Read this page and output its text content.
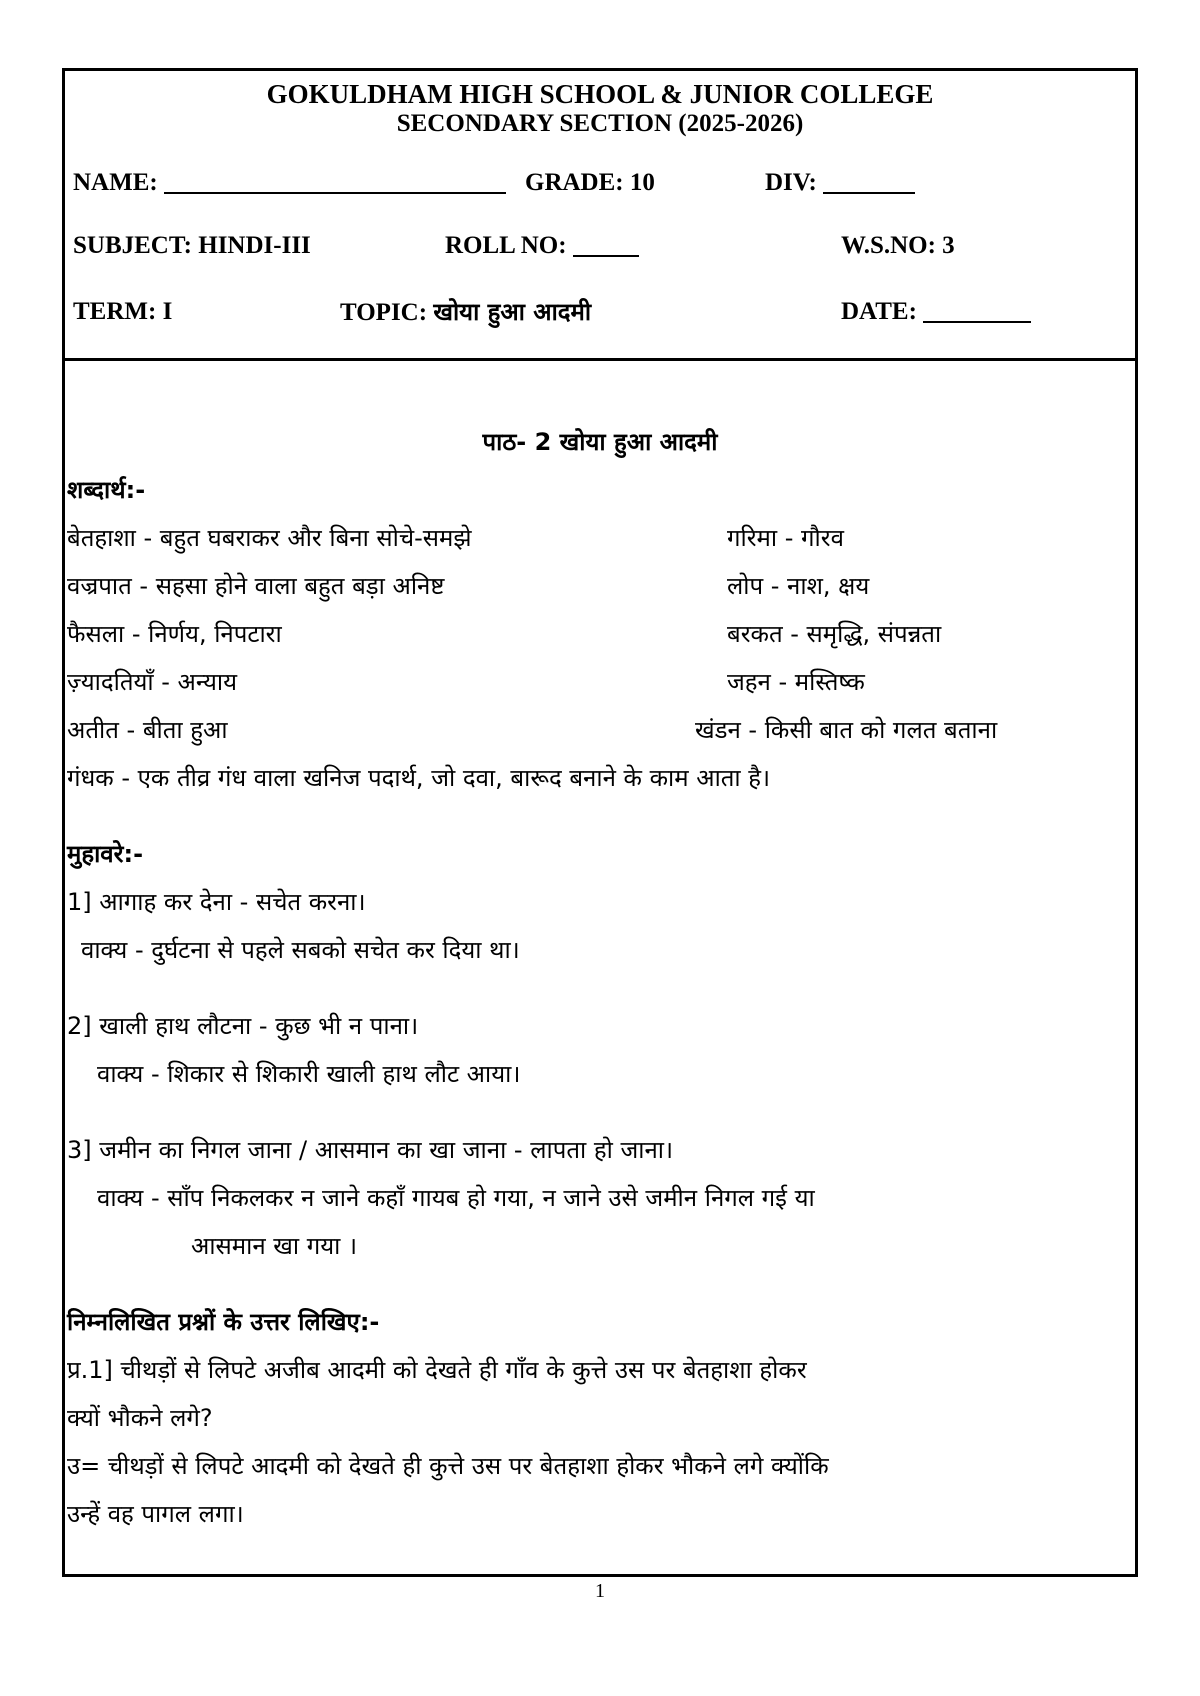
GOKULDHAM HIGH SCHOOL & JUNIOR COLLEGE
SECONDARY SECTION (2025-2026)
NAME:	GRADE: 10	DIV:
SUBJECT: HINDI-III	ROLL NO:	W.S.NO: 3
TERM: I	TOPIC: खोया हुआ आदमी	DATE:
पाठ- 2 खोया हुआ आदमी
शब्दार्थ:-
बेतहाशा - बहुत घबराकर और बिना सोचे-समझे	गरिमा - गौरव
वज्रपात - सहसा होने वाला बहुत बड़ा अनिष्ट	लोप - नाश, क्षय
फैसला - निर्णय, निपटारा	बरकत - समृद्धि, संपन्नता
ज़्यादतियाँ - अन्याय	जहन - मस्तिष्क
अतीत - बीता हुआ	खंडन - किसी बात को गलत बताना
गंधक - एक तीव्र गंध वाला खनिज पदार्थ, जो दवा, बारूद बनाने के काम आता है।
मुहावरे:-
1] आगाह कर देना - सचेत करना।
वाक्य - दुर्घटना से पहले सबको सचेत कर दिया था।
2] खाली हाथ लौटना - कुछ भी न पाना।
वाक्य - शिकार से शिकारी खाली हाथ लौट आया।
3] जमीन का निगल जाना / आसमान का खा जाना - लापता हो जाना।
वाक्य - साँप निकलकर न जाने कहाँ गायब हो गया, न जाने उसे जमीन निगल गई या
आसमान खा गया ।
निम्नलिखित प्रश्नों के उत्तर लिखिए:-
प्र.1] चीथड़ों से लिपटे अजीब आदमी को देखते ही गाँव के कुत्ते उस पर बेतहाशा होकर
क्यों भौकने लगे?
उ= चीथड़ों से लिपटे आदमी को देखते ही कुत्ते उस पर बेतहाशा होकर भौकने लगे क्योंकि
उन्हें वह पागल लगा।
1
